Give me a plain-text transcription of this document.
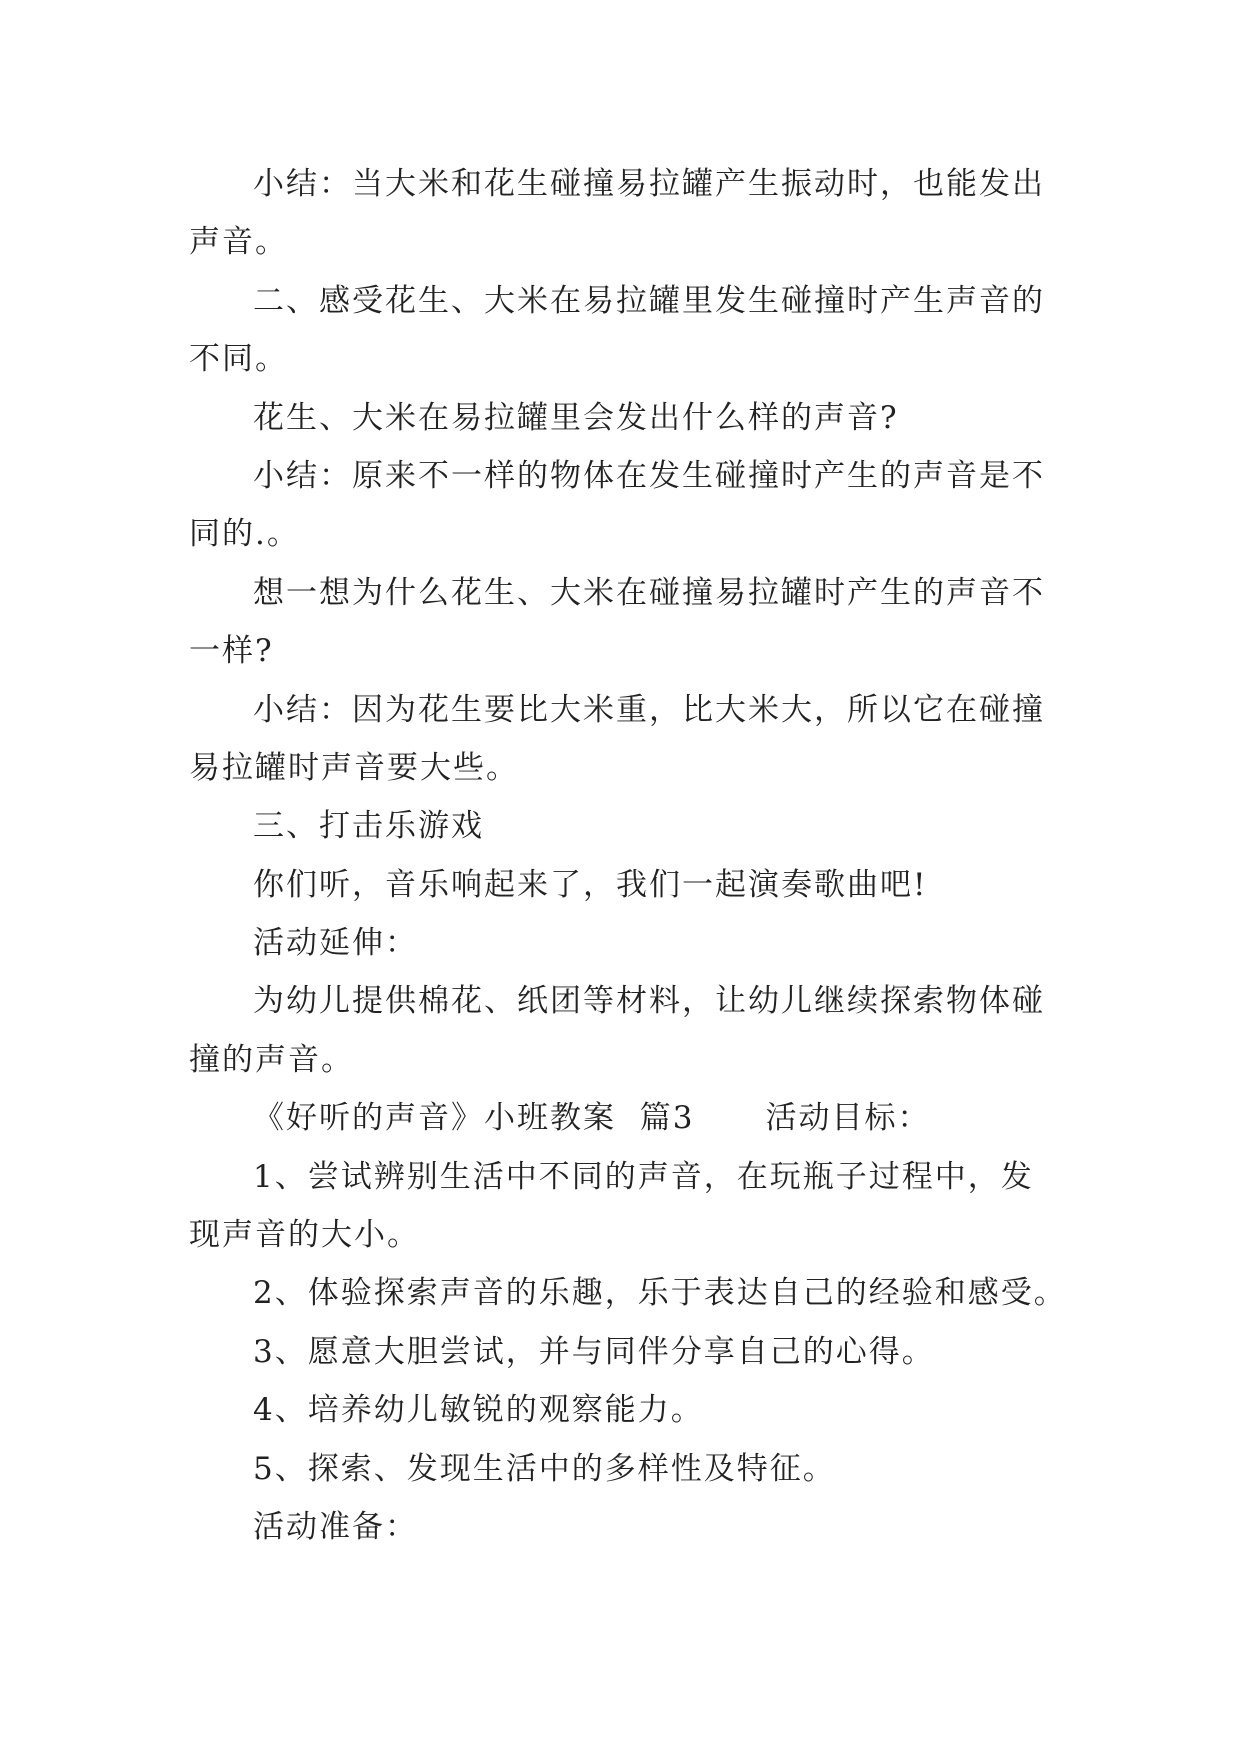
小结：当大米和花生碰撞易拉罐产生振动时，也能发出
声音。
二、感受花生、大米在易拉罐里发生碰撞时产生声音的
不同。
花生、大米在易拉罐里会发出什么样的声音?
小结：原来不一样的物体在发生碰撞时产生的声音是不
同的.。
想一想为什么花生、大米在碰撞易拉罐时产生的声音不
一样?
小结：因为花生要比大米重，比大米大，所以它在碰撞
易拉罐时声音要大些。
三、打击乐游戏
你们听，音乐响起来了，我们一起演奏歌曲吧!
活动延伸：
为幼儿提供棉花、纸团等材料，让幼儿继续探索物体碰
撞的声音。
《好听的声音》小班教案  篇3      活动目标：
1、尝试辨别生活中不同的声音，在玩瓶子过程中，发
现声音的大小。
2、体验探索声音的乐趣，乐于表达自己的经验和感受。
3、愿意大胆尝试，并与同伴分享自己的心得。
4、培养幼儿敏锐的观察能力。
5、探索、发现生活中的多样性及特征。
活动准备：
